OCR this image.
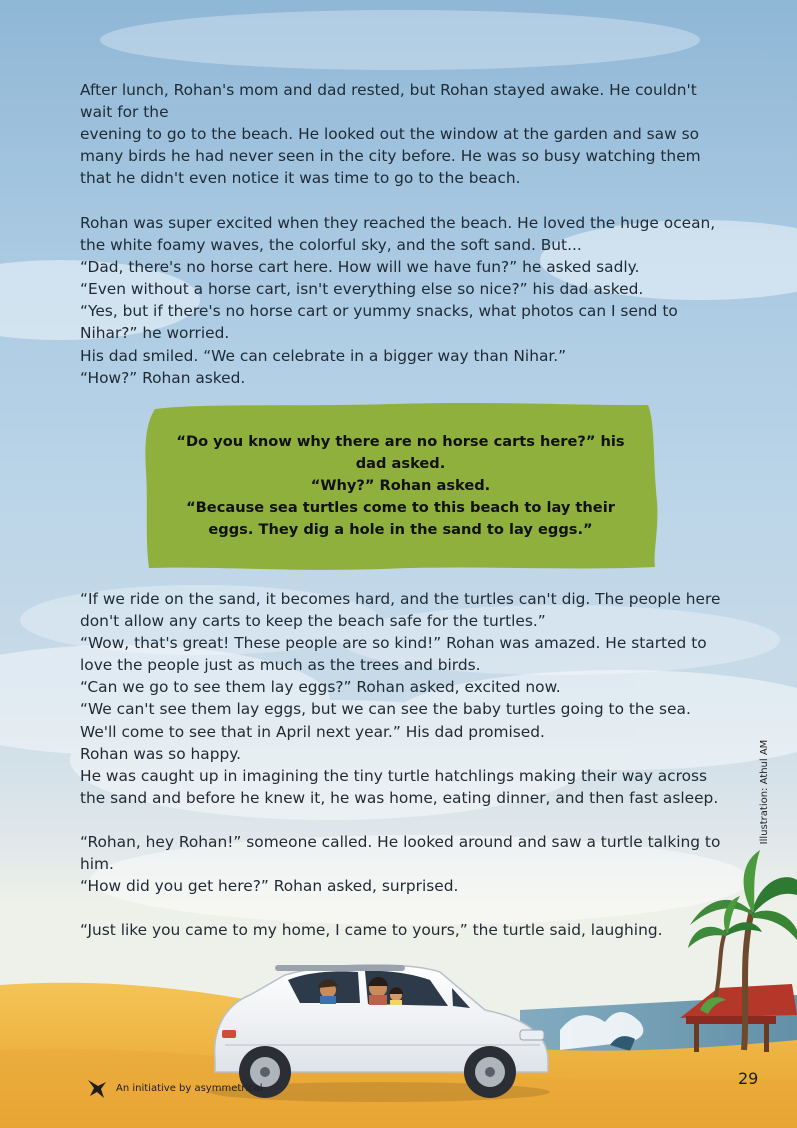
After lunch, Rohan's mom and dad rested, but Rohan stayed awake. He couldn't wait for the

evening to go to the beach. He looked out the window at the garden and saw so many birds he had never seen in the city before. He was so busy watching them that he didn't even notice it was time to go to the beach.

Rohan was super excited when they reached the beach. He loved the huge ocean, the white foamy waves, the colorful sky, and the soft sand. But...

“Dad, there's no horse cart here. How will we have fun?” he asked sadly.

“Even without a horse cart, isn't everything else so nice?” his dad asked.

“Yes, but if there's no horse cart or yummy snacks, what photos can I send to Nihar?” he worried.

His dad smiled. “We can celebrate in a bigger way than Nihar.”

“How?” Rohan asked.

“Do you know why there are no horse carts here?” his dad asked.

“Why?” Rohan asked.

“Because sea turtles come to this beach to lay their eggs. They dig a hole in the sand to lay eggs.”

“If we ride on the sand, it becomes hard, and the turtles can't dig. The people here don't allow any carts to keep the beach safe for the turtles.”

“Wow, that's great! These people are so kind!” Rohan was amazed. He started to love the people just as much as the trees and birds.

“Can we go to see them lay eggs?” Rohan asked, excited now.

“We can't see them lay eggs, but we can see the baby turtles going to the sea. We'll come to see that in April next year.” His dad promised.

Rohan was so happy.

He was caught up in imagining the tiny turtle hatchlings making their way across the sand and before he knew it, he was home, eating dinner, and then fast asleep.

“Rohan, hey Rohan!” someone called. He looked around and saw a turtle talking to him.

“How did you get here?” Rohan asked, surprised.

“Just like you came to my home, I came to yours,” the turtle said, laughing.

Illustration: Athul AM
An initiative by asymmetrical	29
